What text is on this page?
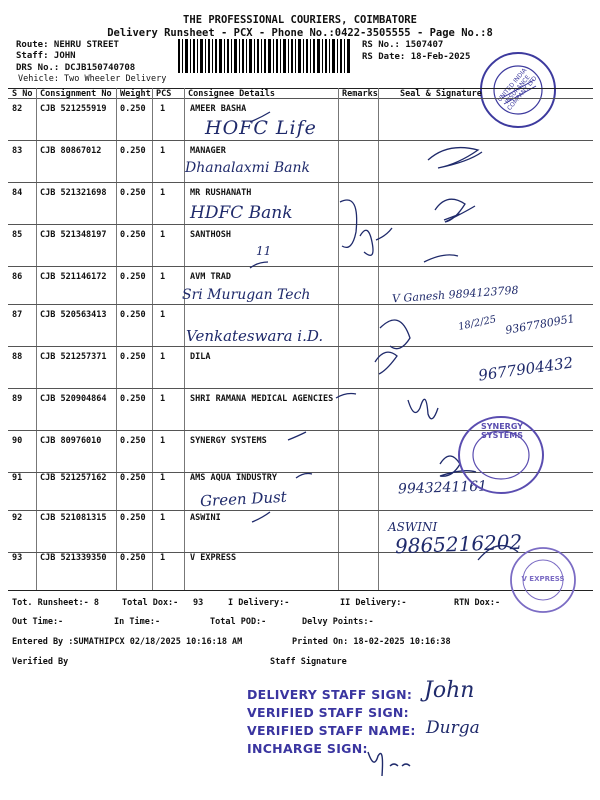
THE PROFESSIONAL COURIERS, COIMBATORE
Delivery Runsheet - PCX - Phone No.:0422-3505555 - Page No.:8
Route: NEHRU STREET
Staff: JOHN
DRS No.: DCJB150740708
Vehicle: Two Wheeler Delivery
RS No.: 1507407
RS Date: 18-Feb-2025
UNITED INDIA INSURANCE COMPANY LTD
S No Consignment No Weight PCS Consignee Details	Remarks	Seal & Signature
82 CJB 521255919 0.250 1	AMEER BASHA
83 CJB 80867012 0.250 1	MANAGER
84 CJB 521321698 0.250 1	MR RUSHANATH
85 CJB 521348197 0.250 1	SANTHOSH
86 CJB 521146172 0.250 1	AVM TRAD
87 CJB 520563413 0.250 1
88 CJB 521257371 0.250 1	DILA
89 CJB 520904864 0.250 1	SHRI RAMANA MEDICAL AGENCIES
90 CJB 80976010 0.250 1	SYNERGY SYSTEMS
91 CJB 521257162 0.250 1	AMS AQUA INDUSTRY
92 CJB 521081315 0.250 1	ASWINI
93 CJB 521339350 0.250 1	V EXPRESS
HOFC Life
Dhanalaxmi Bank
HDFC Bank
11
Sri Murugan Tech
Venkateswara i.D.
V Ganesh 9894123798
18/2/25 9367780951
9677904432
9943241161
Green Dust
ASWINI
9865216202
SYNERGY SYSTEMS
V EXPRESS
Tot. Runsheet:- 8	Total Dox:- 93	I Delivery:-	II Delivery:-	RTN Dox:-
Out Time:-	In Time:-	Total POD:-	Delvy Points:-
Entered By :SUMATHIPCX 02/18/2025 10:16:18 AM	Printed On: 18-02-2025 10:16:38
Verified By	Staff Signature
DELIVERY STAFF SIGN:
VERIFIED STAFF SIGN:
VERIFIED STAFF NAME:
INCHARGE SIGN:
John
Durga
